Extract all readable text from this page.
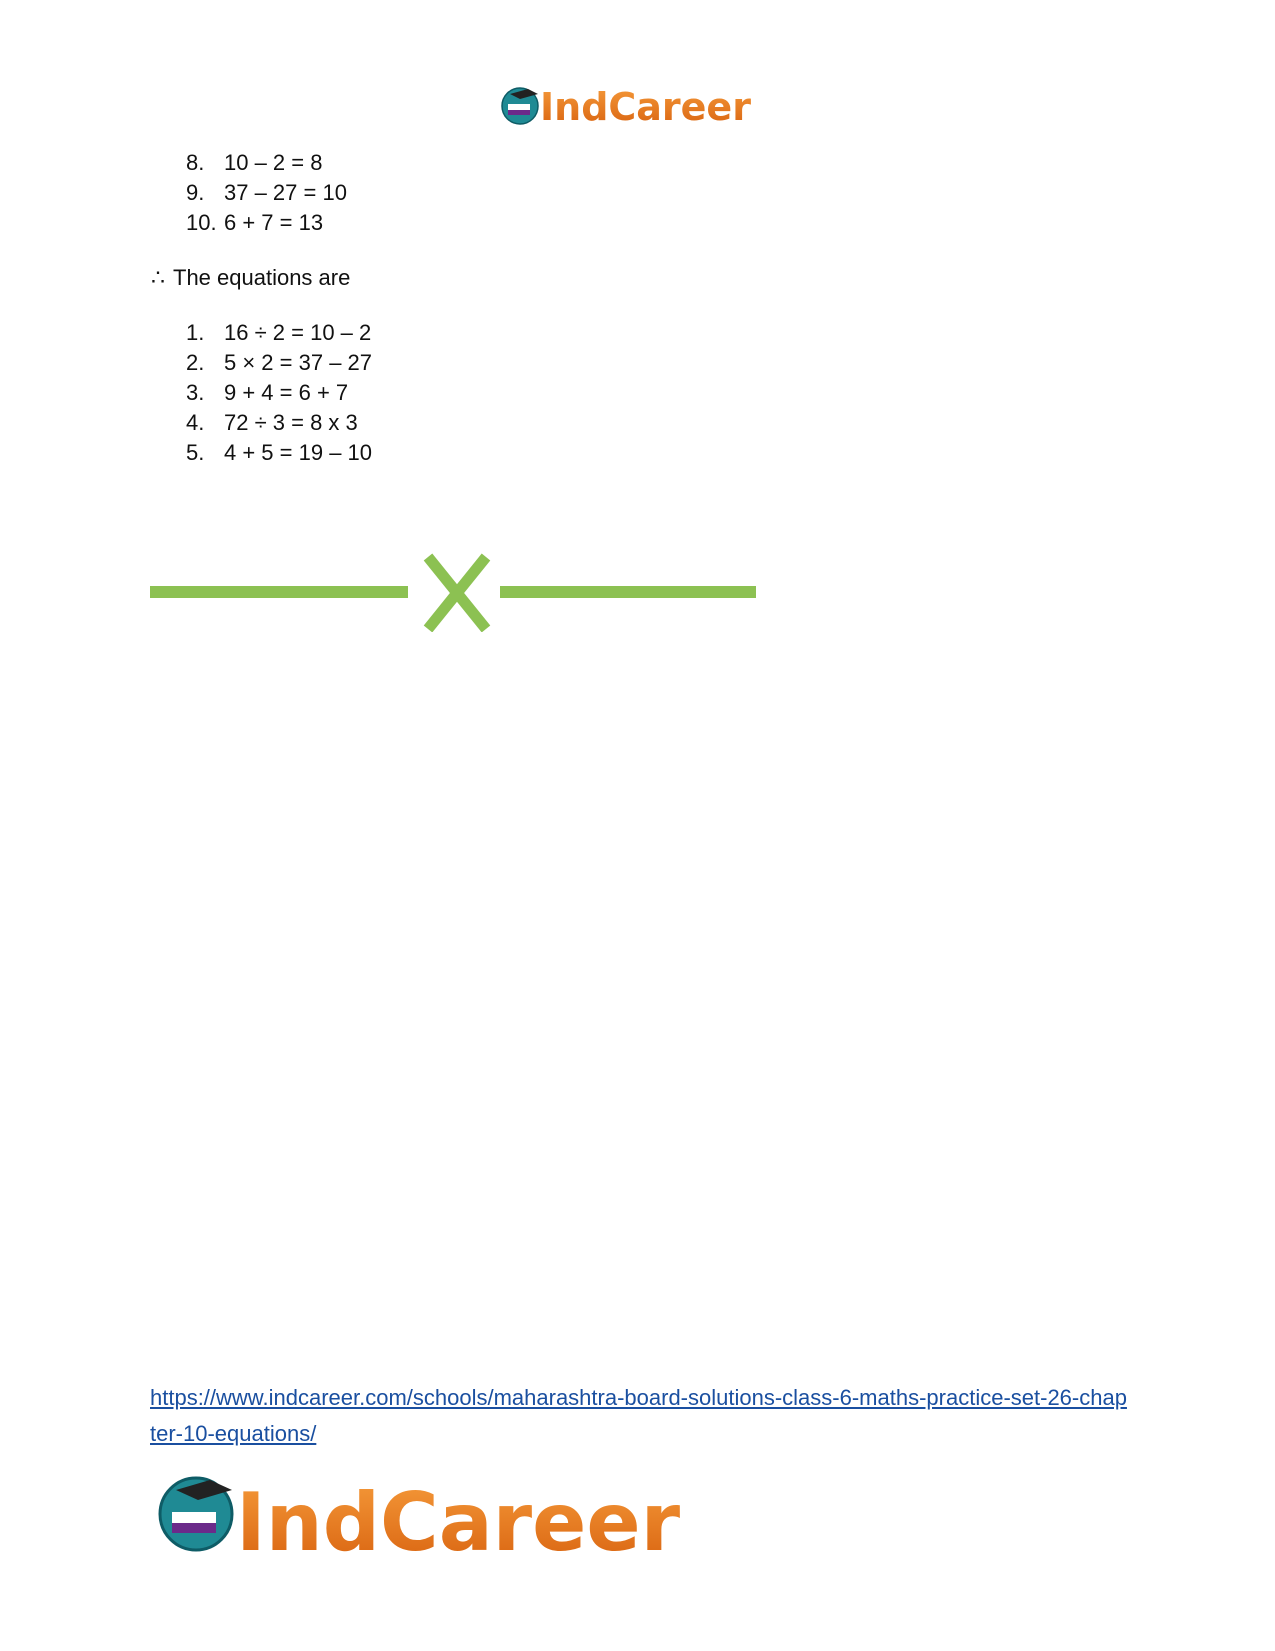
IndCareer
8. 10 – 2 = 8
9. 37 – 27 = 10
10. 6 + 7 = 13
∴ The equations are
1. 16 ÷ 2 = 10 – 2
2. 5 × 2 = 37 – 27
3. 9 + 4 = 6 + 7
4. 72 ÷ 3 = 8 x 3
5. 4 + 5 = 19 – 10
https://www.indcareer.com/schools/maharashtra-board-solutions-class-6-maths-practice-set-26-chapter-10-equations/
IndCareer
